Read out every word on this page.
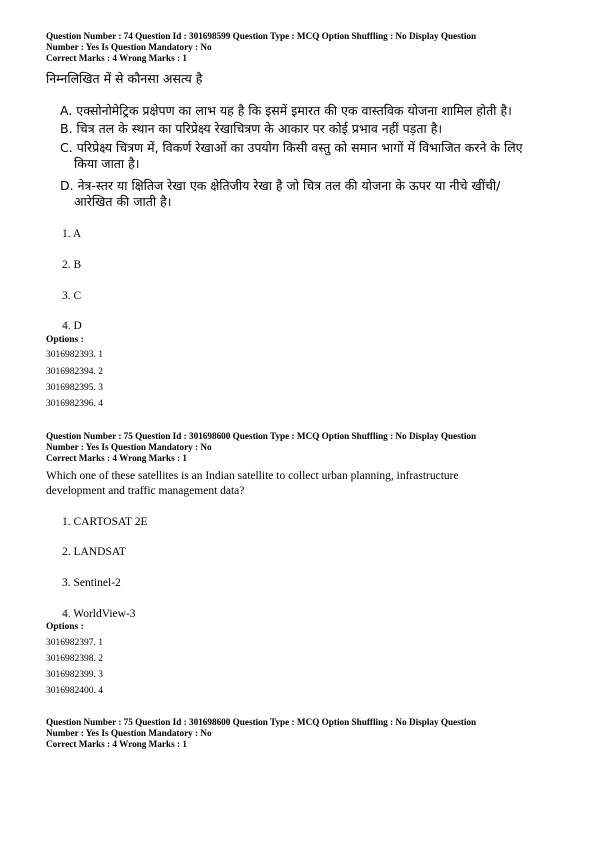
Question Number : 74 Question Id : 301698599 Question Type : MCQ Option Shuffling : No Display Question
Number : Yes Is Question Mandatory : No
Correct Marks : 4 Wrong Marks : 1
निम्नलिखित में से कौनसा असत्य है
A. एक्सोनोमेट्रिक प्रक्षेपण का लाभ यह है कि इसमें इमारत की एक वास्तविक योजना शामिल होती है।
B. चित्र तल के स्थान का परिप्रेक्ष्य रेखाचित्रण के आकार पर कोई प्रभाव नहीं पड़ता है।
C. परिप्रेक्ष्य चित्रण में, विकर्ण रेखाओं का उपयोग किसी वस्तु को समान भागों में विभाजित करने के लिए
किया जाता है।
D. नेत्र-स्तर या क्षितिज रेखा एक क्षेतिजीय रेखा है जो चित्र तल की योजना के ऊपर या नीचे खींची/
आरेखित की जाती है।
1. A
2. B
3. C
4. D
Options :
3016982393. 1
3016982394. 2
3016982395. 3
3016982396. 4
Question Number : 75 Question Id : 301698600 Question Type : MCQ Option Shuffling : No Display Question
Number : Yes Is Question Mandatory : No
Correct Marks : 4 Wrong Marks : 1
Which one of these satellites is an Indian satellite to collect urban planning, infrastructure
development and traffic management data?
1. CARTOSAT 2E
2. LANDSAT
3. Sentinel-2
4. WorldView-3
Options :
3016982397. 1
3016982398. 2
3016982399. 3
3016982400. 4
Question Number : 75 Question Id : 301698600 Question Type : MCQ Option Shuffling : No Display Question
Number : Yes Is Question Mandatory : No
Correct Marks : 4 Wrong Marks : 1
